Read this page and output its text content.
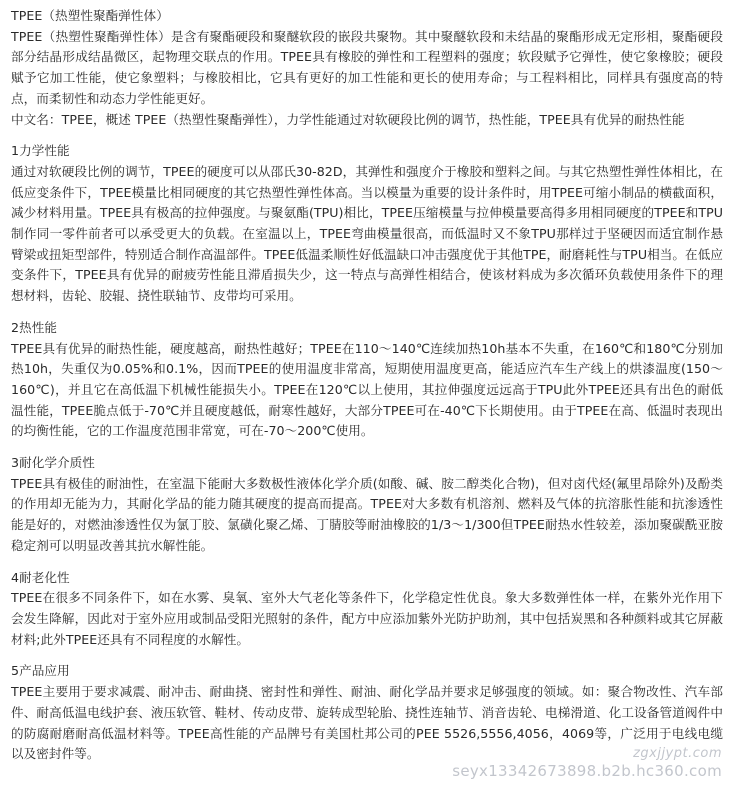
TPEE（热塑性聚酯弹性体）

TPEE（热塑性聚酯弹性体）是含有聚酯硬段和聚醚软段的嵌段共聚物。其中聚醚软段和未结晶的聚酯形成无定形相，聚酯硬段部分结晶形成结晶微区，起物理交联点的作用。TPEE具有橡胶的弹性和工程塑料的强度；软段赋予它弹性，使它象橡胶；硬段赋予它加工性能，使它象塑料；与橡胶相比，它具有更好的加工性能和更长的使用寿命；与工程料相比，同样具有强度高的特点，而柔韧性和动态力学性能更好。

中文名：TPEE，概述 TPEE（热塑性聚酯弹性），力学性能通过对软硬段比例的调节，热性能，TPEE具有优异的耐热性能

1力学性能

通过对软硬段比例的调节，TPEE的硬度可以从邵氏30-82D，其弹性和强度介于橡胶和塑料之间。与其它热塑性弹性体相比，在低应变条件下，TPEE模量比相同硬度的其它热塑性弹性体高。当以模量为重要的设计条件时，用TPEE可缩小制品的横截面积，减少材料用量。TPEE具有极高的拉伸强度。与聚氨酯(TPU)相比，TPEE压缩模量与拉伸模量要高得多用相同硬度的TPEE和TPU制作同一零件前者可以承受更大的负载。在室温以上，TPEE弯曲模量很高，而低温时又不象TPU那样过于坚硬因而适宜制作悬臂梁或扭矩型部件，特别适合制作高温部件。TPEE低温柔顺性好低温缺口冲击强度优于其他TPE，耐磨耗性与TPU相当。在低应变条件下，TPEE具有优异的耐疲劳性能且滞盾损失少，这一特点与高弹性相结合，使该材料成为多次循环负载使用条件下的理想材料，齿轮、胶辊、挠性联轴节、皮带均可采用。

2热性能

TPEE具有优异的耐热性能，硬度越高，耐热性越好；TPEE在110～140℃连续加热10h基本不失重，在160℃和180℃分别加热10h，失重仅为0.05%和0.1%，因而TPEE的使用温度非常高，短期使用温度更高，能适应汽车生产线上的烘漆温度(150～160℃)，并且它在高低温下机械性能损失小。TPEE在120℃以上使用，其拉伸强度远远高于TPU此外TPEE还具有出色的耐低温性能，TPEE脆点低于-70℃并且硬度越低，耐寒性越好，大部分TPEE可在-40℃下长期使用。由于TPEE在高、低温时表现出的均衡性能，它的工作温度范围非常宽，可在-70～200℃使用。

3耐化学介质性

TPEE具有极佳的耐油性，在室温下能耐大多数极性液体化学介质(如酸、碱、胺二醇类化合物)，但对卤代烃(氟里昂除外)及酚类的作用却无能为力，其耐化学品的能力随其硬度的提高而提高。TPEE对大多数有机溶剂、燃料及气体的抗溶胀性能和抗渗透性能是好的，对燃油渗透性仅为氯丁胶、氯磺化聚乙烯、丁腈胶等耐油橡胶的1/3～1/300但TPEE耐热水性较差，添加聚碳酰亚胺稳定剂可以明显改善其抗水解性能。

4耐老化性

TPEE在很多不同条件下，如在水雾、臭氧、室外大气老化等条件下，化学稳定性优良。象大多数弹性体一样，在紫外光作用下会发生降解，因此对于室外应用或制品受阳光照射的条件，配方中应添加紫外光防护助剂，其中包括炭黑和各种颜料或其它屏蔽材料;此外TPEE还具有不同程度的水解性。

5产品应用

TPEE主要用于要求减震、耐冲击、耐曲挠、密封性和弹性、耐油、耐化学品并要求足够强度的领域。如：聚合物改性、汽车部件、耐高低温电线护套、液压软管、鞋材、传动皮带、旋转成型轮胎、挠性连轴节、消音齿轮、电梯滑道、化工设备管道阀件中的防腐耐磨耐高低温材料等。TPEE高性能的产品牌号有美国杜邦公司的PEE 5526,5556,4056，4069等，广泛用于电线电缆以及密封件等。	zgxjjypt.com
seyx13342673898.b2b.hc360.com
